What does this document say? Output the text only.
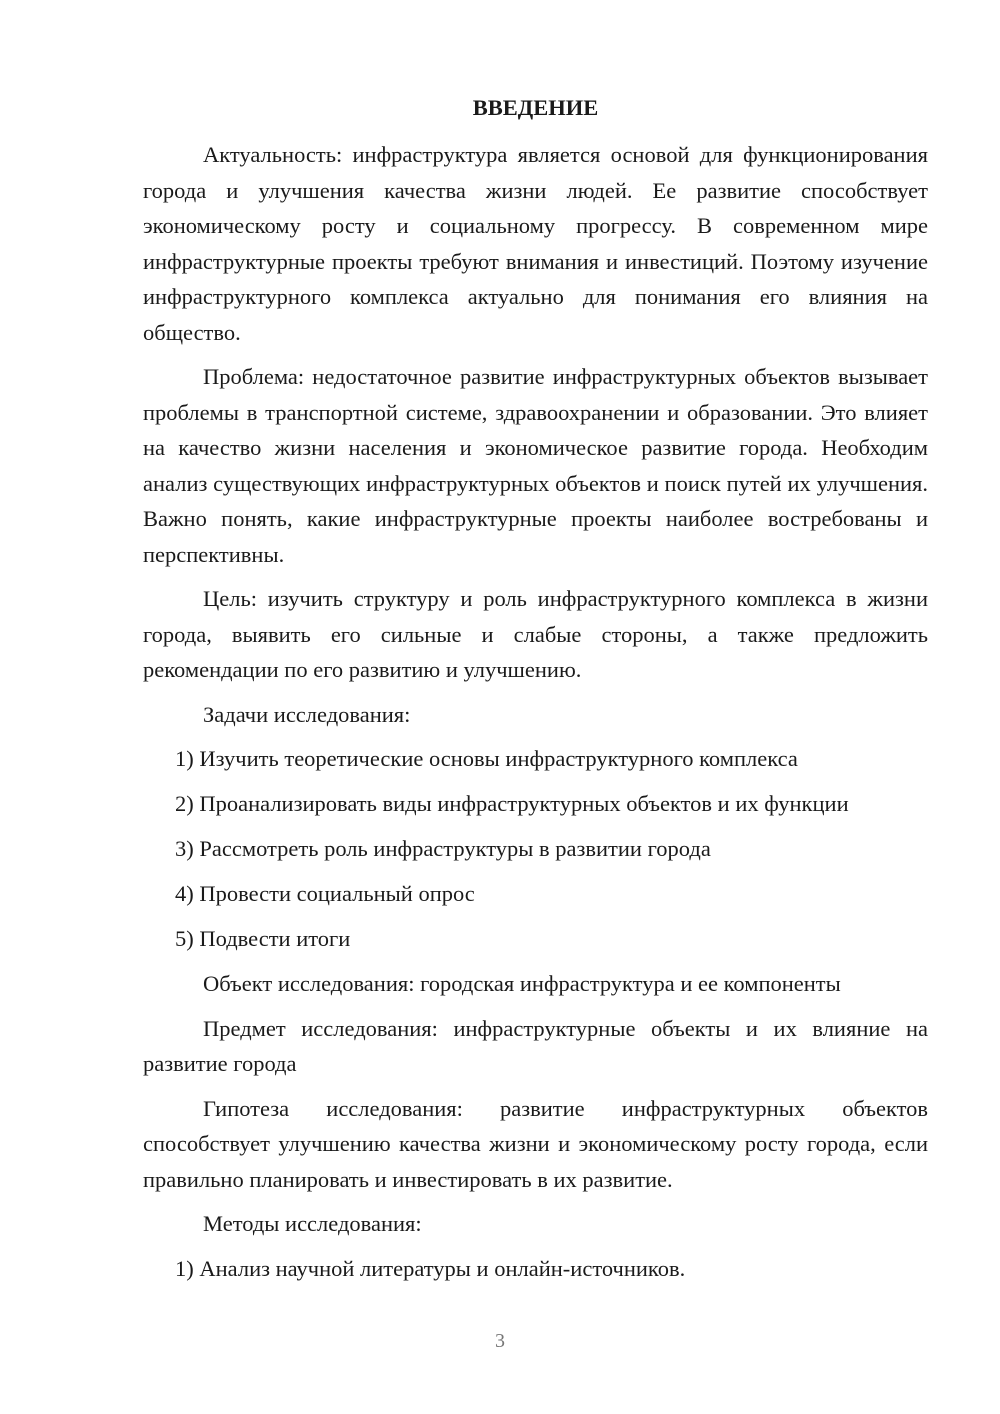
ВВЕДЕНИЕ

Актуальность: инфраструктура является основой для функционирования города и улучшения качества жизни людей. Ее развитие способствует экономическому росту и социальному прогрессу. В современном мире инфраструктурные проекты требуют внимания и инвестиций. Поэтому изучение инфраструктурного комплекса актуально для понимания его влияния на общество.

Проблема: недостаточное развитие инфраструктурных объектов вызывает проблемы в транспортной системе, здравоохранении и образовании. Это влияет на качество жизни населения и экономическое развитие города. Необходим анализ существующих инфраструктурных объектов и поиск путей их улучшения. Важно понять, какие инфраструктурные проекты наиболее востребованы и перспективны.

Цель: изучить структуру и роль инфраструктурного комплекса в жизни города, выявить его сильные и слабые стороны, а также предложить рекомендации по его развитию и улучшению.

Задачи исследования:

1) Изучить теоретические основы инфраструктурного комплекса

2) Проанализировать виды инфраструктурных объектов и их функции

3) Рассмотреть роль инфраструктуры в развитии города

4) Провести социальный опрос

5) Подвести итоги

Объект исследования: городская инфраструктура и ее компоненты

Предмет исследования: инфраструктурные объекты и их влияние на развитие города

Гипотеза исследования: развитие инфраструктурных объектов способствует улучшению качества жизни и экономическому росту города, если правильно планировать и инвестировать в их развитие.

Методы исследования:

1) Анализ научной литературы и онлайн-источников.

3
